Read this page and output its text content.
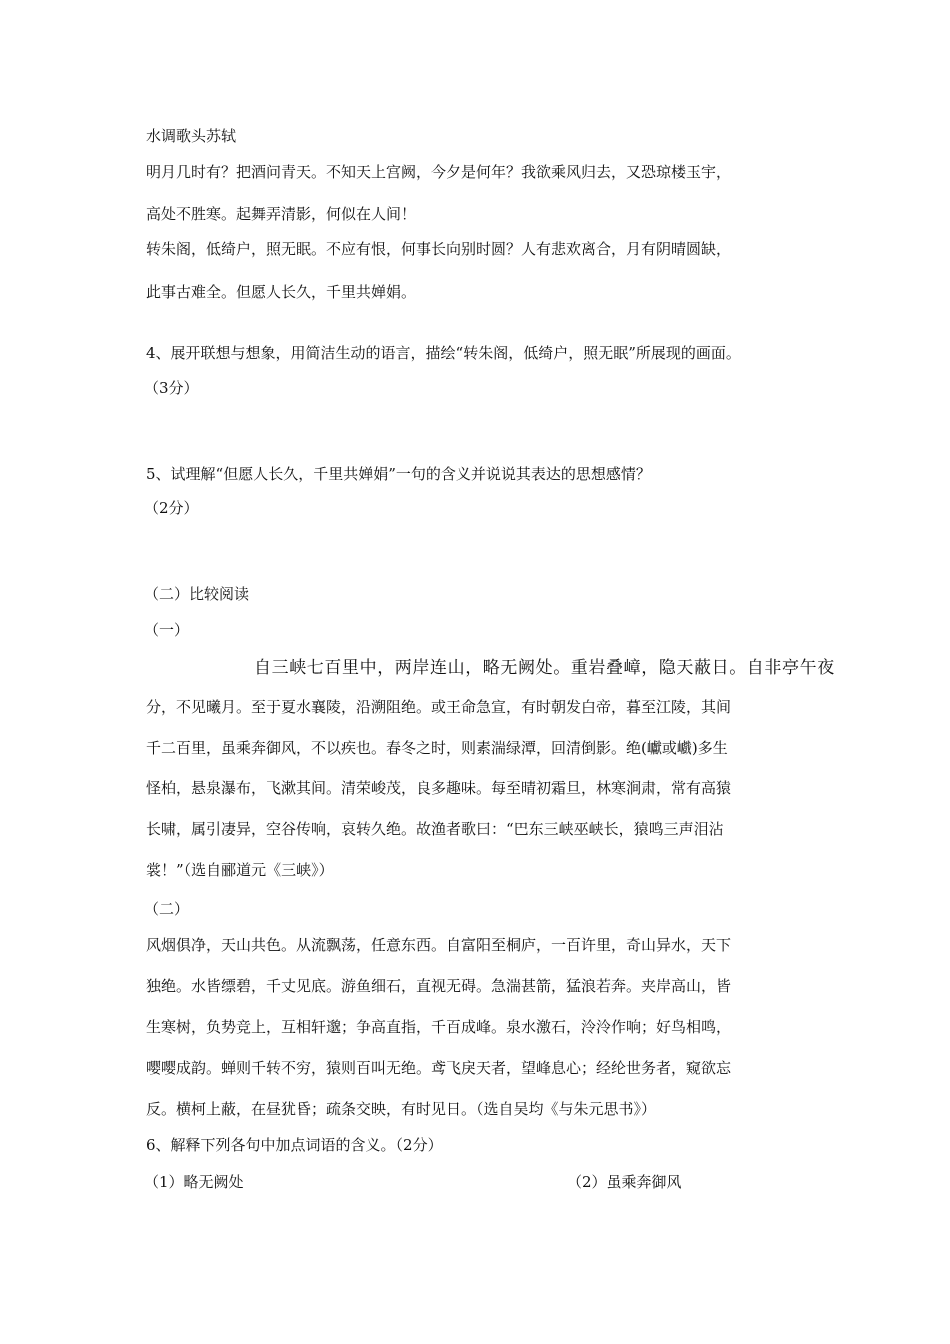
水调歌头苏轼
明月几时有？把酒问青天。不知天上宫阙，今夕是何年？我欲乘风归去，又恐琼楼玉宇，
高处不胜寒。起舞弄清影，何似在人间！
转朱阁，低绮户，照无眠。不应有恨，何事长向别时圆？人有悲欢离合，月有阴晴圆缺，
此事古难全。但愿人长久，千里共婵娟。
4、展开联想与想象，用简洁生动的语言，描绘“转朱阁，低绮户，照无眠”所展现的画面。
（3分）
5、试理解“但愿人长久，千里共婵娟”一句的含义并说说其表达的思想感情？
（2分）
（二）比较阅读
（一）
自三峡七百里中，两岸连山，略无阙处。重岩叠嶂，隐天蔽日。自非亭午夜
分，不见曦月。至于夏水襄陵，沿溯阻绝。或王命急宣，有时朝发白帝，暮至江陵，其间
千二百里，虽乘奔御风，不以疾也。春冬之时，则素湍绿潭，回清倒影。绝(巘或巇)多生
怪柏，悬泉瀑布，飞漱其间。清荣峻茂，良多趣味。每至晴初霜旦，林寒涧肃，常有高猿
长啸，属引凄异，空谷传响，哀转久绝。故渔者歌曰：“巴东三峡巫峡长，猿鸣三声泪沾
裳！”（选自郦道元《三峡》）
（二）
风烟俱净，天山共色。从流飘荡，任意东西。自富阳至桐庐，一百许里，奇山异水，天下
独绝。水皆缥碧，千丈见底。游鱼细石，直视无碍。急湍甚箭，猛浪若奔。夹岸高山，皆
生寒树，负势竞上，互相轩邈；争高直指，千百成峰。泉水激石，泠泠作响；好鸟相鸣，
嘤嘤成韵。蝉则千转不穷，猿则百叫无绝。鸢飞戾天者，望峰息心；经纶世务者，窥欲忘
反。横柯上蔽，在昼犹昏；疏条交映，有时见日。（选自吴均《与朱元思书》）
6、解释下列各句中加点词语的含义。（2分）
（1）略无阙处	（2）虽乘奔御风
